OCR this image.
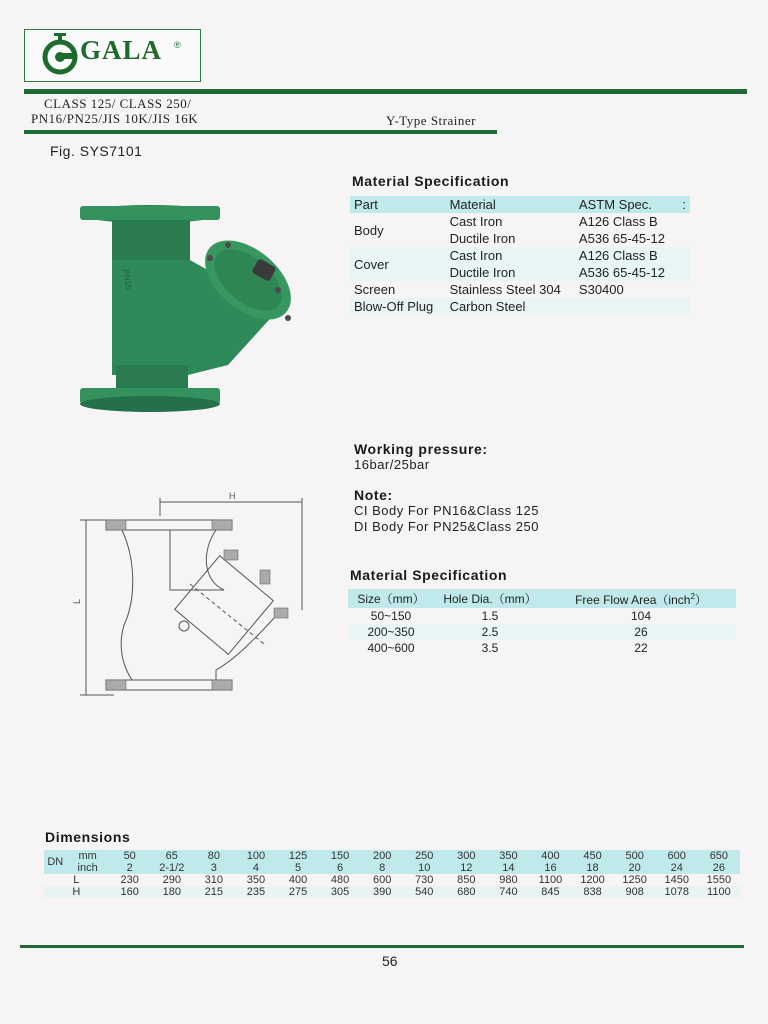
GALA ®
CLASS 125/ CLASS 250/
PN16/PN25/JIS 10K/JIS 16K	Y-Type Strainer
Fig. SYS7101
PN16
H
L
Material Specification
Part	Material	ASTM Spec.	:
Body	Cast Iron	A126 Class B	
	Ductile Iron	A536 65-45-12	
Cover	Cast Iron	A126 Class B	
	Ductile Iron	A536 65-45-12	
Screen	Stainless Steel 304	S30400	
Blow-Off Plug	Carbon Steel		
Working pressure:
16bar/25bar
Note:
CI Body For PN16&Class 125
DI Body For PN25&Class 250
Material Specification
Size（mm）	Hole Dia.（mm）	Free Flow Area（inch$^2$）
50~150	1.5	104
200~350	2.5	26
400~600	3.5	22
Dimensions
DN	mm	50	65	80	100	125	150	200	250	300	350	400	450	500	600	650
	inch	2	2-1/2	3	4	5	6	8	10	12	14	16	18	20	24	26
L		230	290	310	350	400	480	600	730	850	980	1100	1200	1250	1450	1550
H		160	180	215	235	275	305	390	540	680	740	845	838	908	1078	1100
56
